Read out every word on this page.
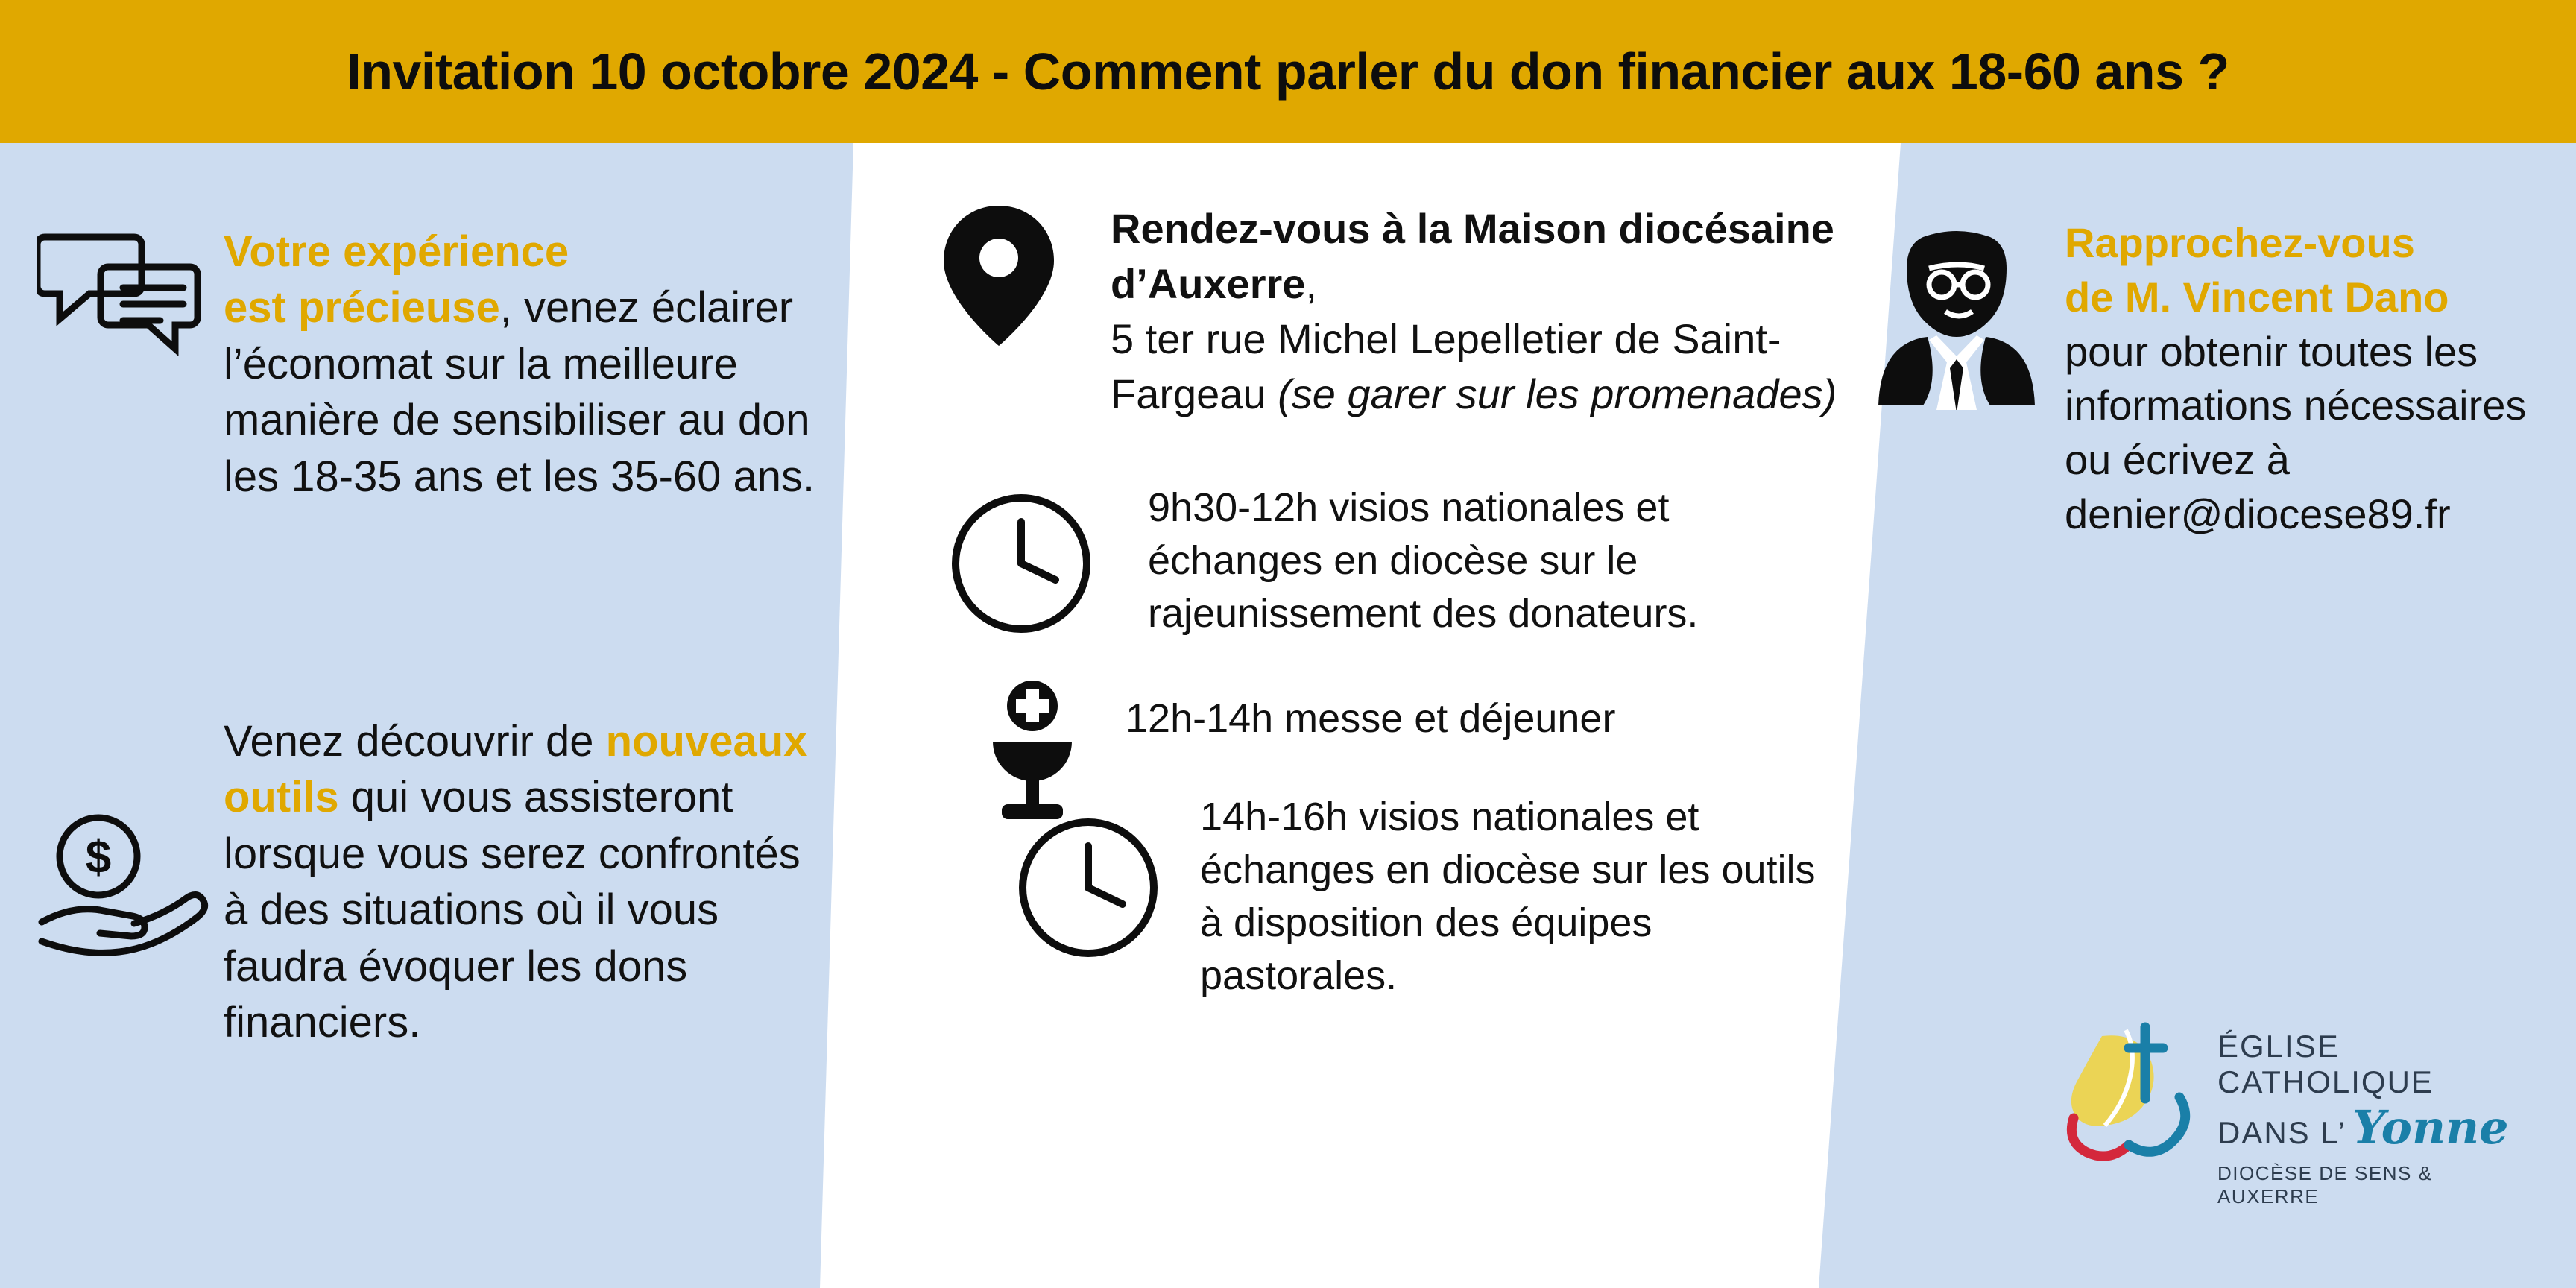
Invitation 10 octobre 2024 - Comment parler du don financier aux 18-60 ans ?
Votre expérience
est précieuse, venez éclairer l’économat sur la meilleure manière de sensibiliser au don les 18-35 ans et les 35-60 ans.
$
Venez découvrir de nouveaux
outils qui vous assisteront lorsque vous serez confrontés à des situations où il vous faudra évoquer les dons financiers.
Rendez-vous à la Maison diocésaine d’Auxerre,
5 ter rue Michel Lepelletier de Saint-Fargeau (se garer sur les promenades)
9h30-12h visios nationales et échanges en diocèse sur le rajeunissement des donateurs.
12h-14h messe et déjeuner
14h-16h visios nationales et échanges en diocèse sur les outils à disposition des équipes pastorales.
Rapprochez-vous
de M. Vincent Dano
pour obtenir toutes les informations nécessaires ou écrivez à denier@diocese89.fr
ÉGLISE CATHOLIQUE
DANS L’ Yonne
DIOCÈSE DE SENS & AUXERRE
